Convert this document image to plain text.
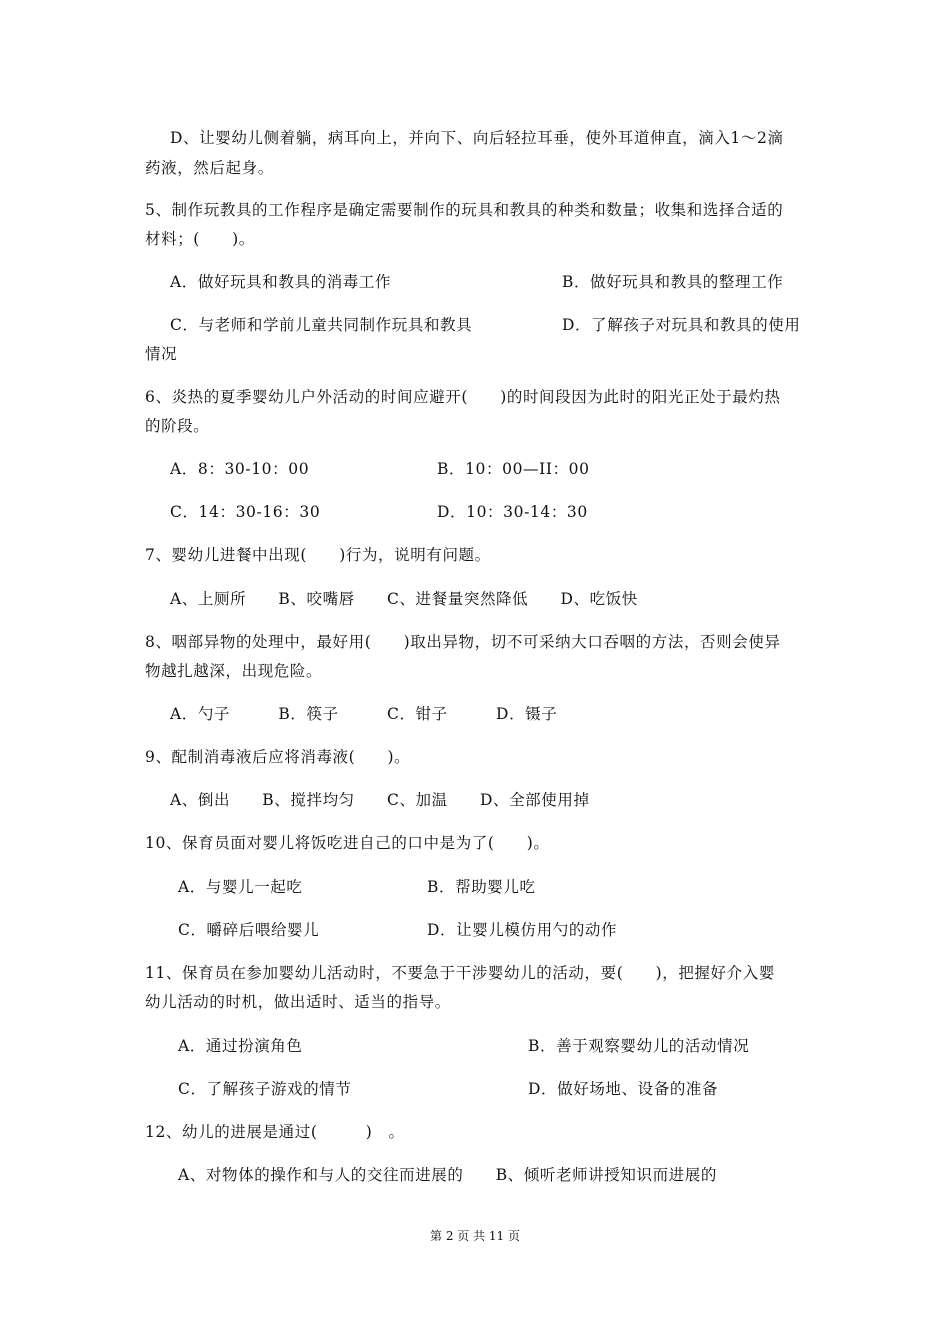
D、让婴幼儿侧着躺，病耳向上，并向下、向后轻拉耳垂，使外耳道伸直，滴入1～2滴
药液，然后起身。
5、制作玩教具的工作程序是确定需要制作的玩具和教具的种类和数量；收集和选择合适的
材料；(　　)。
A．做好玩具和教具的消毒工作	B．做好玩具和教具的整理工作
C．与老师和学前儿童共同制作玩具和教具	D．了解孩子对玩具和教具的使用
情况
6、炎热的夏季婴幼儿户外活动的时间应避开(　　)的时间段因为此时的阳光正处于最灼热
的阶段。
A．8：30-10：00	B．10：00—II：00
C．14：30-16：30	D．10：30-14：30
7、婴幼儿进餐中出现(　　)行为，说明有问题。
A、上厕所　　B、咬嘴唇　　C、进餐量突然降低　　D、吃饭快
8、咽部异物的处理中，最好用(　　)取出异物，切不可采纳大口吞咽的方法，否则会使异
物越扎越深，出现危险。
A．勺子　　　B．筷子　　　C．钳子　　　D．镊子
9、配制消毒液后应将消毒液(　　)。
A、倒出　　B、搅拌均匀　　C、加温　　D、全部使用掉
10、保育员面对婴儿将饭吃进自己的口中是为了(　　)。
A．与婴儿一起吃	B．帮助婴儿吃
C．嚼碎后喂给婴儿	D．让婴儿模仿用勺的动作
11、保育员在参加婴幼儿活动时，不要急于干涉婴幼儿的活动，要(　　)，把握好介入婴
幼儿活动的时机，做出适时、适当的指导。
A．通过扮演角色	B．善于观察婴幼儿的活动情况
C．了解孩子游戏的情节	D．做好场地、设备的准备
12、幼儿的进展是通过(　　　)　。
A、对物体的操作和与人的交往而进展的　　B、倾听老师讲授知识而进展的
第 2 页 共 11 页
